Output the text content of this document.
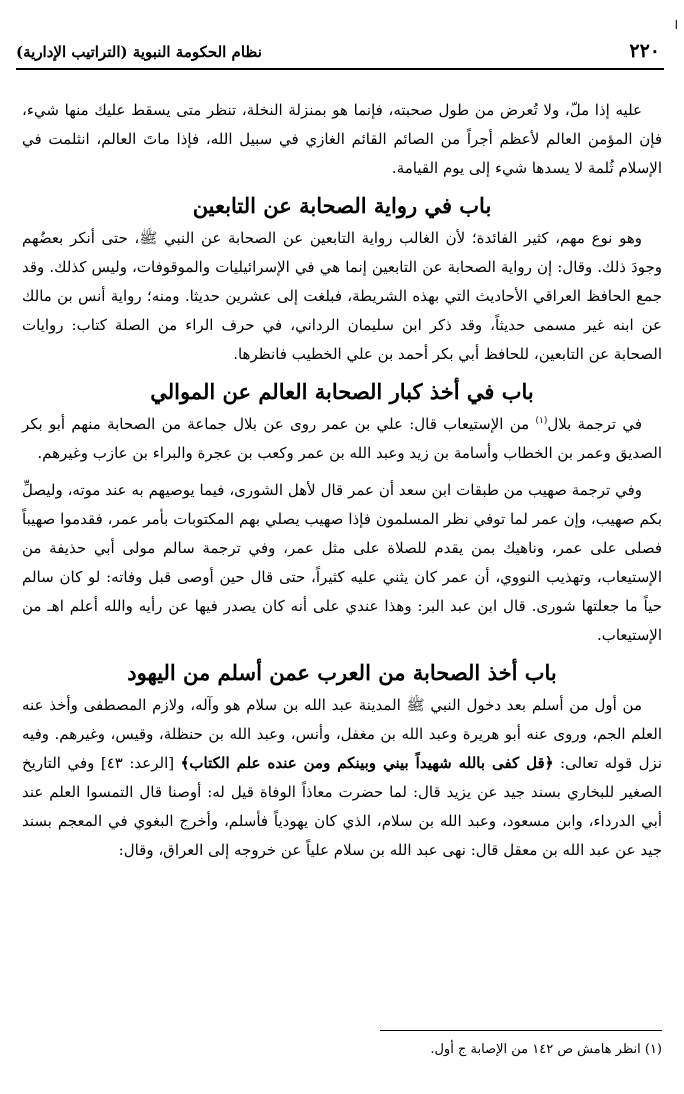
ا
٢٢٠
نظام الحكومة النبوية (التراتيب الإدارية)

عليه إذا ملّ، ولا تُعرض من طول صحبته، فإنما هو بمنزلة النخلة، تنظر متى يسقط عليك منها شيء، فإن المؤمن العالم لأعظم أجراً من الصائم القائم الغازي في سبيل الله، فإذا ماتَ العالم، انثلمت في الإسلام ثُلمة لا يسدها شيء إلى يوم القيامة.

باب في رواية الصحابة عن التابعين

وهو نوع مهم، كثير الفائدة؛ لأن الغالب رواية التابعين عن الصحابة عن النبي ﷺ، حتى أنكر بعضُهم وجودَ ذلك. وقال: إن رواية الصحابة عن التابعين إنما هي في الإسرائيليات والموقوفات، وليس كذلك. وقد جمع الحافظ العراقي الأحاديث التي بهذه الشريطة، فبلغت إلى عشرين حديثا. ومنه؛ رواية أنس بن مالك عن ابنه غير مسمى حديثاً، وقد ذكر ابن سليمان الرداني، في حرف الراء من الصلة كتاب: روايات الصحابة عن التابعين، للحافظ أبي بكر أحمد بن علي الخطيب فانظرها.

باب في أخذ كبار الصحابة العالم عن الموالي

في ترجمة بلال$^{(١)}$ من الإستيعاب قال: علي بن عمر روى عن بلال جماعة من الصحابة منهم أبو بكر الصديق وعمر بن الخطاب وأسامة بن زيد وعبد الله بن عمر وكعب بن عجرة والبراء بن عازب وغيرهم.

وفي ترجمة صهيب من طبقات ابن سعد أن عمر قال لأهل الشورى، فيما يوصيهم به عند موته، وليصلِّ بكم صهيب، وإن عمر لما توفي نظر المسلمون فإذا صهيب يصلي بهم المكتوبات بأمر عمر، فقدموا صهيباً فصلى على عمر، وناهيك بمن يقدم للصلاة على مثل عمر، وفي ترجمة سالم مولى أبي حذيفة من الإستيعاب، وتهذيب النووي، أن عمر كان يثني عليه كثيراً، حتى قال حين أوصى قبل وفاته: لو كان سالم حياً ما جعلتها شورى. قال ابن عبد البر: وهذا عندي على أنه كان يصدر فيها عن رأيه والله أعلم اهـ من الإستيعاب.

باب أخذ الصحابة من العرب عمن أسلم من اليهود

من أول من أسلم بعد دخول النبي ﷺ المدينة عبد الله بن سلام هو وآله، ولازم المصطفى وأخذ عنه العلم الجم، وروى عنه أبو هريرة وعبد الله بن مغفل، وأنس، وعبد الله بن حنظلة، وقيس، وغيرهم. وفيه نزل قوله تعالى: ﴿قل كفى بالله شهيداً بيني وبينكم ومن عنده علم الكتاب﴾ [الرعد: ٤٣] وفي التاريخ الصغير للبخاري بسند جيد عن يزيد قال: لما حضرت معاذاً الوفاة قيل له: أوصنا قال التمسوا العلم عند أبي الدرداء، وابن مسعود، وعبد الله بن سلام، الذي كان يهودياً فأسلم، وأخرج البغوي في المعجم بسند جيد عن عبد الله بن معقل قال: نهى عبد الله بن سلام علياً عن خروجه إلى العراق، وقال:

(١) انظر هامش ص ١٤٢ من الإصابة ج أول.
